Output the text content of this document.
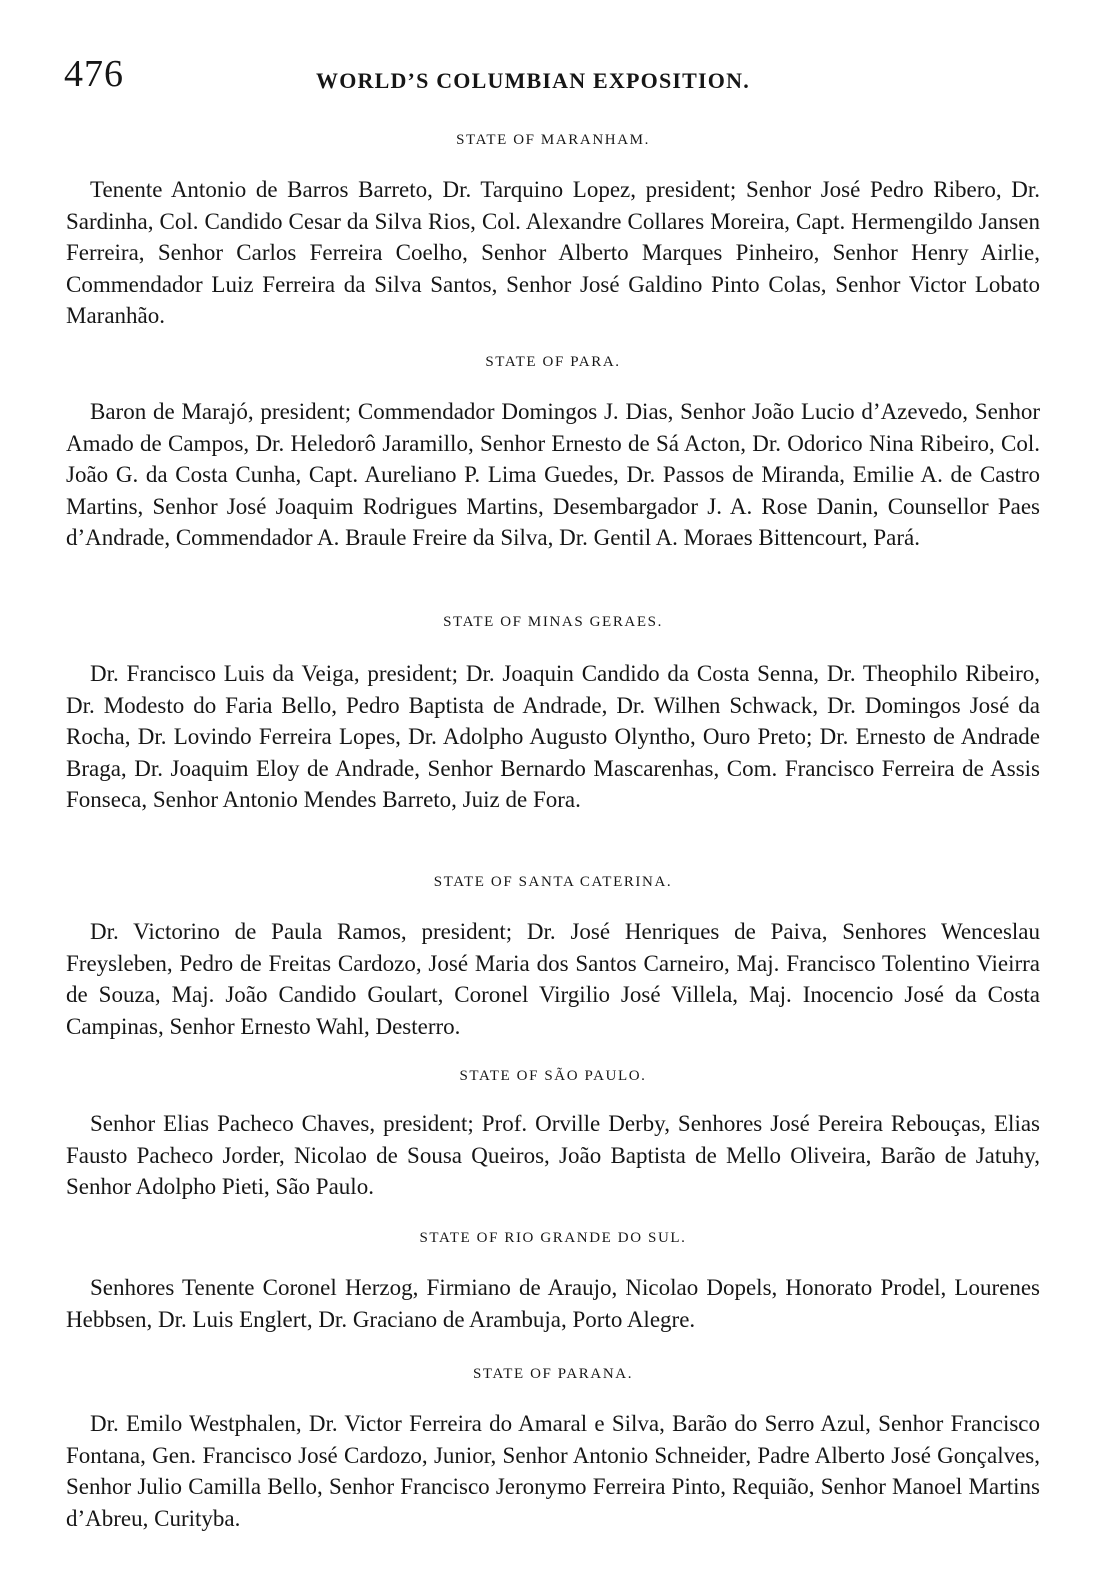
476	WORLD’S COLUMBIAN EXPOSITION.
STATE OF MARANHAM.

Tenente Antonio de Barros Barreto, Dr. Tarquino Lopez, president; Senhor José Pedro Ribero, Dr. Sardinha, Col. Candido Cesar da Silva Rios, Col. Alexandre Collares Moreira, Capt. Hermengildo Jansen Ferreira, Senhor Carlos Ferreira Coelho, Senhor Alberto Marques Pinheiro, Senhor Henry Airlie, Commendador Luiz Ferreira da Silva Santos, Senhor José Galdino Pinto Colas, Senhor Victor Lobato Maranhão.

STATE OF PARA.

Baron de Marajó, president; Commendador Domingos J. Dias, Senhor João Lucio d’Azevedo, Senhor Amado de Campos, Dr. Heledorô Jaramillo, Senhor Ernesto de Sá Acton, Dr. Odorico Nina Ribeiro, Col. João G. da Costa Cunha, Capt. Aureliano P. Lima Guedes, Dr. Passos de Miranda, Emilie A. de Castro Martins, Senhor José Joaquim Rodrigues Martins, Desembargador J. A. Rose Danin, Counsellor Paes d’Andrade, Commendador A. Braule Freire da Silva, Dr. Gentil A. Moraes Bittencourt, Pará.

STATE OF MINAS GERAES.

Dr. Francisco Luis da Veiga, president; Dr. Joaquin Candido da Costa Senna, Dr. Theophilo Ribeiro, Dr. Modesto do Faria Bello, Pedro Baptista de Andrade, Dr. Wilhen Schwack, Dr. Domingos José da Rocha, Dr. Lovindo Ferreira Lopes, Dr. Adolpho Augusto Olyntho, Ouro Preto; Dr. Ernesto de Andrade Braga, Dr. Joaquim Eloy de Andrade, Senhor Bernardo Mascarenhas, Com. Francisco Ferreira de Assis Fonseca, Senhor Antonio Mendes Barreto, Juiz de Fora.

STATE OF SANTA CATERINA.

Dr. Victorino de Paula Ramos, president; Dr. José Henriques de Paiva, Senhores Wenceslau Freysleben, Pedro de Freitas Cardozo, José Maria dos Santos Carneiro, Maj. Francisco Tolentino Vieirra de Souza, Maj. João Candido Goulart, Coronel Virgilio José Villela, Maj. Inocencio José da Costa Campinas, Senhor Ernesto Wahl, Desterro.

STATE OF SÃO PAULO.

Senhor Elias Pacheco Chaves, president; Prof. Orville Derby, Senhores José Pereira Rebouças, Elias Fausto Pacheco Jorder, Nicolao de Sousa Queiros, João Baptista de Mello Oliveira, Barão de Jatuhy, Senhor Adolpho Pieti, São Paulo.

STATE OF RIO GRANDE DO SUL.

Senhores Tenente Coronel Herzog, Firmiano de Araujo, Nicolao Dopels, Honorato Prodel, Lourenes Hebbsen, Dr. Luis Englert, Dr. Graciano de Arambuja, Porto Alegre.

STATE OF PARANA.

Dr. Emilo Westphalen, Dr. Victor Ferreira do Amaral e Silva, Barão do Serro Azul, Senhor Francisco Fontana, Gen. Francisco José Cardozo, Junior, Senhor Antonio Schneider, Padre Alberto José Gonçalves, Senhor Julio Camilla Bello, Senhor Francisco Jeronymo Ferreira Pinto, Requião, Senhor Manoel Martins d’Abreu, Curityba.
